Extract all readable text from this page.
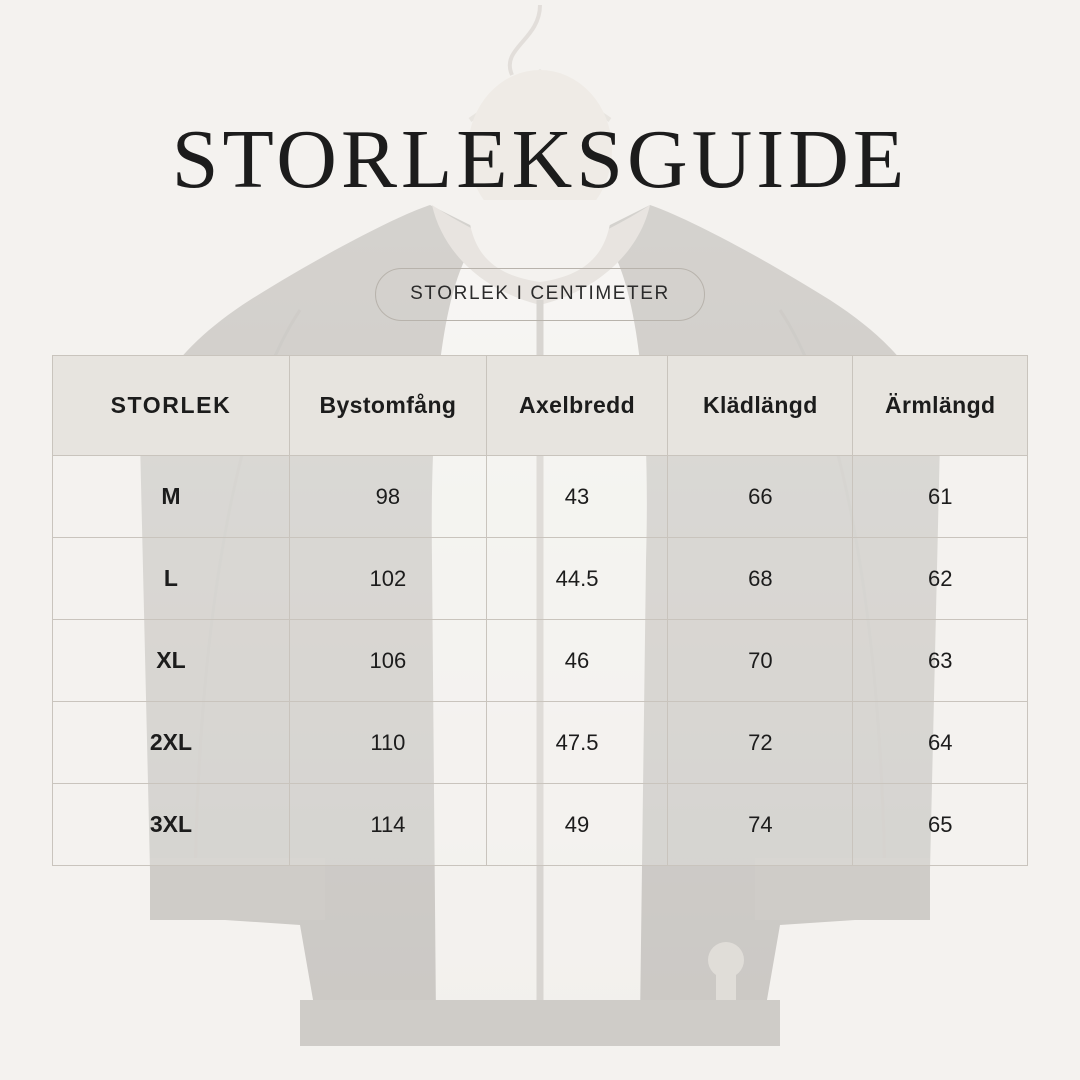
STORLEKSGUIDE
STORLEK I CENTIMETER
STORLEK	Bystomfång	Axelbredd	Klädlängd	Ärmlängd
M	98	43	66	61
L	102	44.5	68	62
XL	106	46	70	63
2XL	110	47.5	72	64
3XL	114	49	74	65
